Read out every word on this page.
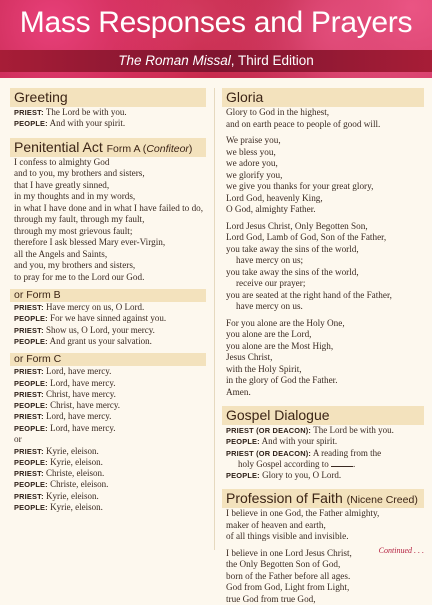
Mass Responses and Prayers
The Roman Missal, Third Edition
Greeting
PRIEST: The Lord be with you.
PEOPLE: And with your spirit.
Penitential Act Form A (Confiteor)
I confess to almighty God
and to you, my brothers and sisters,
that I have greatly sinned,
in my thoughts and in my words,
in what I have done and in what I have failed to do,
through my fault, through my fault,
through my most grievous fault;
therefore I ask blessed Mary ever-Virgin,
all the Angels and Saints,
and you, my brothers and sisters,
to pray for me to the Lord our God.
or Form B
PRIEST: Have mercy on us, O Lord.
PEOPLE: For we have sinned against you.
PRIEST: Show us, O Lord, your mercy.
PEOPLE: And grant us your salvation.
or Form C
PRIEST: Lord, have mercy.
PEOPLE: Lord, have mercy.
PRIEST: Christ, have mercy.
PEOPLE: Christ, have mercy.
PRIEST: Lord, have mercy.
PEOPLE: Lord, have mercy.
or
PRIEST: Kyrie, eleison.
PEOPLE: Kyrie, eleison.
PRIEST: Christe, eleison.
PEOPLE: Christe, eleison.
PRIEST: Kyrie, eleison.
PEOPLE: Kyrie, eleison.
Gloria
Glory to God in the highest,
and on earth peace to people of good will.
We praise you,
we bless you,
we adore you,
we glorify you,
we give you thanks for your great glory,
Lord God, heavenly King,
O God, almighty Father.
Lord Jesus Christ, Only Begotten Son,
Lord God, Lamb of God, Son of the Father,
you take away the sins of the world,
have mercy on us;
you take away the sins of the world,
receive our prayer;
you are seated at the right hand of the Father,
have mercy on us.
For you alone are the Holy One,
you alone are the Lord,
you alone are the Most High,
Jesus Christ,
with the Holy Spirit,
in the glory of God the Father.
Amen.
Gospel Dialogue
PRIEST (OR DEACON): The Lord be with you.
PEOPLE: And with your spirit.
PRIEST (OR DEACON): A reading from the
holy Gospel according to .
PEOPLE: Glory to you, O Lord.
Profession of Faith (Nicene Creed)
I believe in one God, the Father almighty,
maker of heaven and earth,
of all things visible and invisible.
I believe in one Lord Jesus Christ,
the Only Begotten Son of God,
born of the Father before all ages.
God from God, Light from Light,
true God from true God,
Continued . . .
